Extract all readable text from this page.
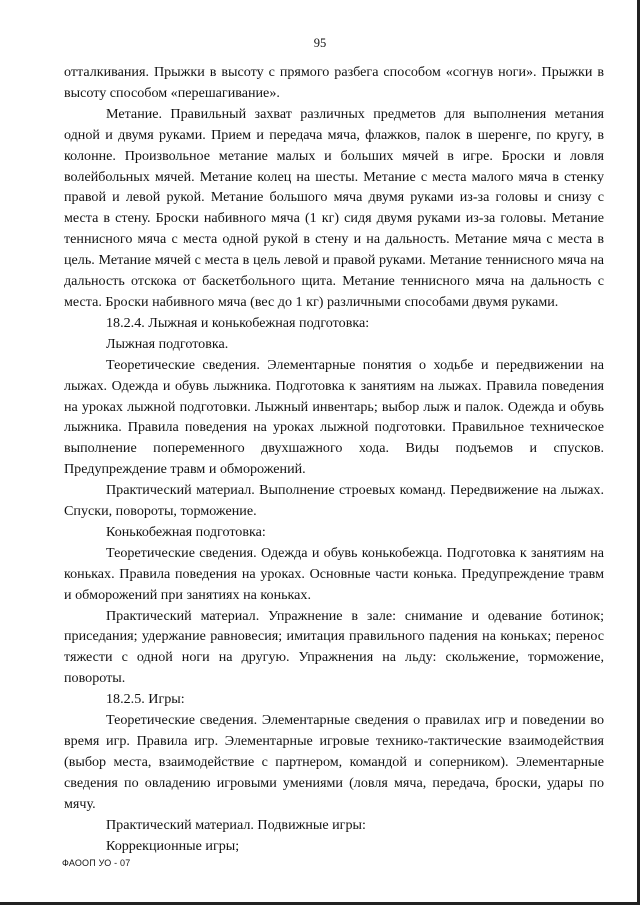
95

отталкивания. Прыжки в высоту с прямого разбега способом «согнув ноги». Прыжки в высоту способом «перешагивание».

Метание. Правильный захват различных предметов для выполнения метания одной и двумя руками. Прием и передача мяча, флажков, палок в шеренге, по кругу, в колонне. Произвольное метание малых и больших мячей в игре. Броски и ловля волейбольных мячей. Метание колец на шесты. Метание с места малого мяча в стенку правой и левой рукой. Метание большого мяча двумя руками из-за головы и снизу с места в стену. Броски набивного мяча (1 кг) сидя двумя руками из-за головы. Метание теннисного мяча с места одной рукой в стену и на дальность. Метание мяча с места в цель. Метание мячей с места в цель левой и правой руками. Метание теннисного мяча на дальность отскока от баскетбольного щита. Метание теннисного мяча на дальность с места. Броски набивного мяча (вес до 1 кг) различными способами двумя руками.

18.2.4. Лыжная и конькобежная подготовка:

Лыжная подготовка.

Теоретические сведения. Элементарные понятия о ходьбе и передвижении на лыжах. Одежда и обувь лыжника. Подготовка к занятиям на лыжах. Правила поведения на уроках лыжной подготовки. Лыжный инвентарь; выбор лыж и палок. Одежда и обувь лыжника. Правила поведения на уроках лыжной подготовки. Правильное техническое выполнение попеременного двухшажного хода. Виды подъемов и спусков. Предупреждение травм и обморожений.

Практический материал. Выполнение строевых команд. Передвижение на лыжах. Спуски, повороты, торможение.

Конькобежная подготовка:

Теоретические сведения. Одежда и обувь конькобежца. Подготовка к занятиям на коньках. Правила поведения на уроках. Основные части конька. Предупреждение травм и обморожений при занятиях на коньках.

Практический материал. Упражнение в зале: снимание и одевание ботинок; приседания; удержание равновесия; имитация правильного падения на коньках; перенос тяжести с одной ноги на другую. Упражнения на льду: скольжение, торможение, повороты.

18.2.5. Игры:

Теоретические сведения. Элементарные сведения о правилах игр и поведении во время игр. Правила игр. Элементарные игровые технико-тактические взаимодействия (выбор места, взаимодействие с партнером, командой и соперником). Элементарные сведения по овладению игровыми умениями (ловля мяча, передача, броски, удары по мячу.

Практический материал. Подвижные игры:

Коррекционные игры;

ФАООП УО - 07
